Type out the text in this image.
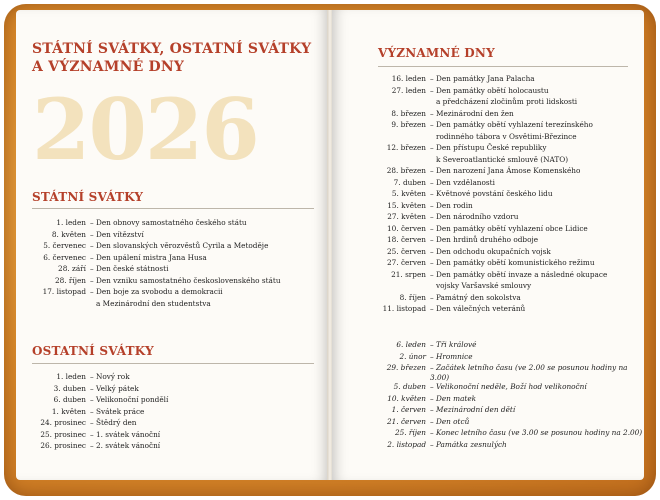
STÁTNÍ SVÁTKY, OSTATNÍ SVÁTKY
A VÝZNAMNÉ DNY
2026
STÁTNÍ SVÁTKY
1. leden	– Den obnovy samostatného českého státu
8. květen	– Den vítězství
5. červenec	– Den slovanských věrozvěstů Cyrila a Metoděje
6. červenec	– Den upálení mistra Jana Husa
28. září	– Den české státnosti
28. říjen	– Den vzniku samostatného československého státu
17. listopad	– Den boje za svobodu a demokracii
	a Mezinárodní den studentstva
OSTATNÍ SVÁTKY
1. leden	– Nový rok
3. duben	– Velký pátek
6. duben	– Velikonoční pondělí
1. květen	– Svátek práce
24. prosinec	– Štědrý den
25. prosinec	– 1. svátek vánoční
26. prosinec	– 2. svátek vánoční
VÝZNAMNÉ DNY
16. leden	– Den památky Jana Palacha
27. leden	– Den památky obětí holocaustu
	a předcházení zločinům proti lidskosti
8. březen	– Mezinárodní den žen
9. březen	– Den památky obětí vyhlazení terezínského
	rodinného tábora v Osvětimi-Březince
12. březen	– Den přístupu České republiky
	k Severoatlantické smlouvě (NATO)
28. březen	– Den narození Jana Ámose Komenského
7. duben	– Den vzdělanosti
5. květen	– Květnové povstání českého lidu
15. květen	– Den rodin
27. květen	– Den národního vzdoru
10. červen	– Den památky obětí vyhlazení obce Lidice
18. červen	– Den hrdinů druhého odboje
25. červen	– Den odchodu okupačních vojsk
27. červen	– Den památky obětí komunistického režimu
21. srpen	– Den památky obětí invaze a následné okupace
	vojsky Varšavské smlouvy
8. říjen	– Památný den sokolstva
11. listopad	– Den válečných veteránů
6. leden	– Tři králové
2. únor	– Hromnice
29. březen	– Začátek letního času (ve 2.00 se posunou hodiny na 3.00)
5. duben	– Velikonoční neděle, Boží hod velikonoční
10. květen	– Den matek
1. červen	– Mezinárodní den dětí
21. červen	– Den otců
25. říjen	– Konec letního času (ve 3.00 se posunou hodiny na 2.00)
2. listopad	– Památka zesnulých
